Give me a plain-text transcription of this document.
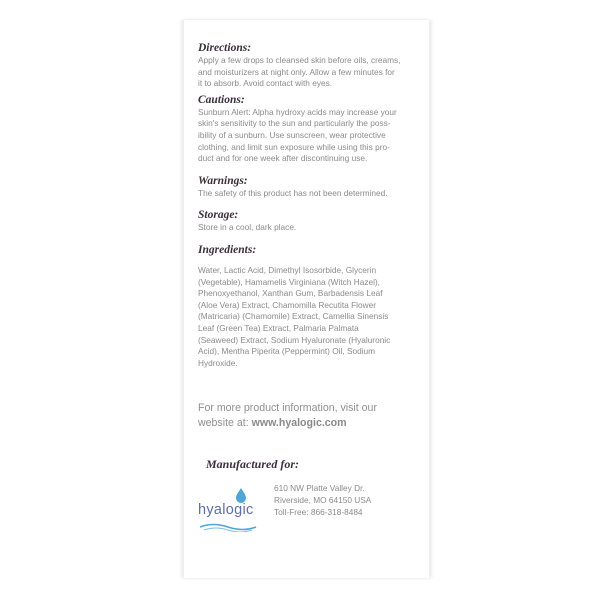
Directions:

Apply a few drops to cleansed skin before oils, creams,
and moisturizers at night only. Allow a few minutes for
it to absorb. Avoid contact with eyes.

Cautions:

Sunburn Alert: Alpha hydroxy acids may increase your
skin's sensitivity to the sun and particularly the poss-
ibility of a sunburn. Use sunscreen, wear protective
clothing, and limit sun exposure while using this pro-
duct and for one week after discontinuing use.

Warnings:

The safety of this product has not been determined.

Storage:

Store in a cool, dark place.

Ingredients:

Water, Lactic Acid, Dimethyl Isosorbide, Glycerin
(Vegetable), Hamamelis Virginiana (Witch Hazel),
Phenoxyethanol, Xanthan Gum, Barbadensis Leaf
(Aloe Vera) Extract, Chamomilla Recutita Flower
(Matricaria) (Chamomile) Extract, Camellia Sinensis
Leaf (Green Tea) Extract, Palmaria Palmata
(Seaweed) Extract, Sodium Hyaluronate (Hyaluronic
Acid), Mentha Piperita (Peppermint) Oil, Sodium
Hydroxide.

For more product information, visit our
website at: www.hyalogic.com

Manufactured for:

hyalogic
610 NW Platte Valley Dr.
Riverside, MO 64150 USA
Toll-Free: 866-318-8484
